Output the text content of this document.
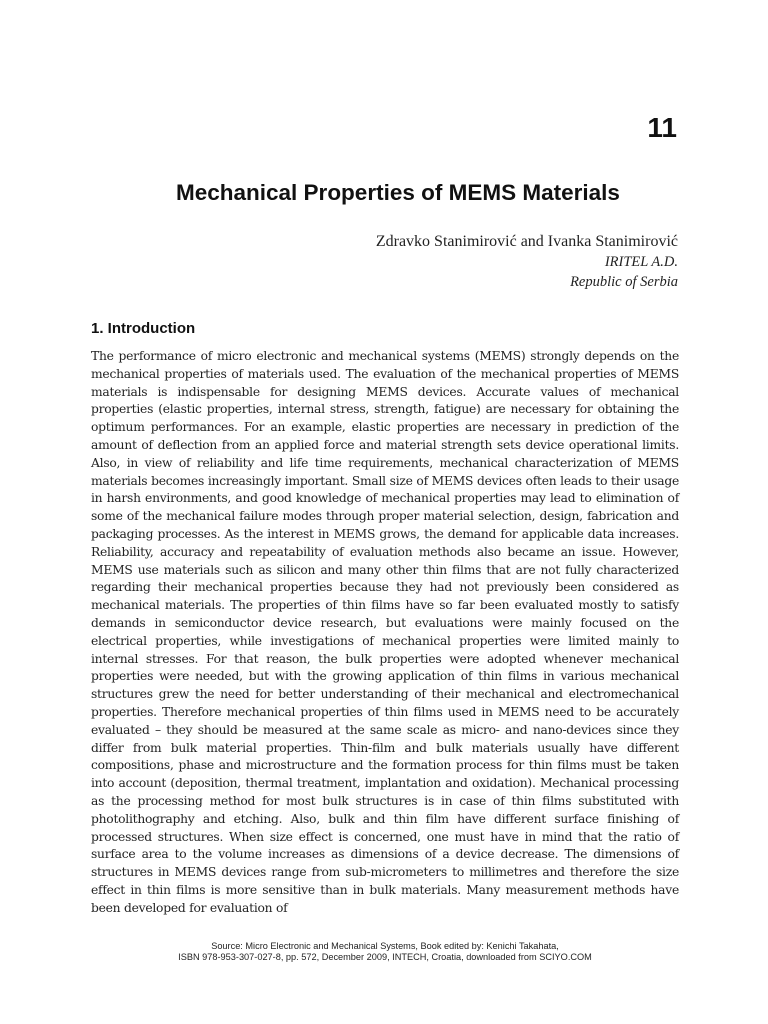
11
Mechanical Properties of MEMS Materials
Zdravko Stanimirović and Ivanka Stanimirović
IRITEL A.D.
Republic of Serbia
1. Introduction

The performance of micro electronic and mechanical systems (MEMS) strongly depends on the mechanical properties of materials used. The evaluation of the mechanical properties of MEMS materials is indispensable for designing MEMS devices. Accurate values of mechanical properties (elastic properties, internal stress, strength, fatigue) are necessary for obtaining the optimum performances. For an example, elastic properties are necessary in prediction of the amount of deflection from an applied force and material strength sets device operational limits. Also, in view of reliability and life time requirements, mechanical characterization of MEMS materials becomes increasingly important. Small size of MEMS devices often leads to their usage in harsh environments, and good knowledge of mechanical properties may lead to elimination of some of the mechanical failure modes through proper material selection, design, fabrication and packaging processes. As the interest in MEMS grows, the demand for applicable data increases. Reliability, accuracy and repeatability of evaluation methods also became an issue. However, MEMS use materials such as silicon and many other thin films that are not fully characterized regarding their mechanical properties because they had not previously been considered as mechanical materials. The properties of thin films have so far been evaluated mostly to satisfy demands in semiconductor device research, but evaluations were mainly focused on the electrical properties, while investigations of mechanical properties were limited mainly to internal stresses. For that reason, the bulk properties were adopted whenever mechanical properties were needed, but with the growing application of thin films in various mechanical structures grew the need for better understanding of their mechanical and electromechanical properties. Therefore mechanical properties of thin films used in MEMS need to be accurately evaluated – they should be measured at the same scale as micro- and nano-devices since they differ from bulk material properties. Thin-film and bulk materials usually have different compositions, phase and microstructure and the formation process for thin films must be taken into account (deposition, thermal treatment, implantation and oxidation). Mechanical processing as the processing method for most bulk structures is in case of thin films substituted with photolithography and etching. Also, bulk and thin film have different surface finishing of processed structures. When size effect is concerned, one must have in mind that the ratio of surface area to the volume increases as dimensions of a device decrease. The dimensions of structures in MEMS devices range from sub-micrometers to millimetres and therefore the size effect in thin films is more sensitive than in bulk materials. Many measurement methods have been developed for evaluation of

Source: Micro Electronic and Mechanical Systems, Book edited by: Kenichi Takahata,
ISBN 978-953-307-027-8, pp. 572, December 2009, INTECH, Croatia, downloaded from SCIYO.COM
